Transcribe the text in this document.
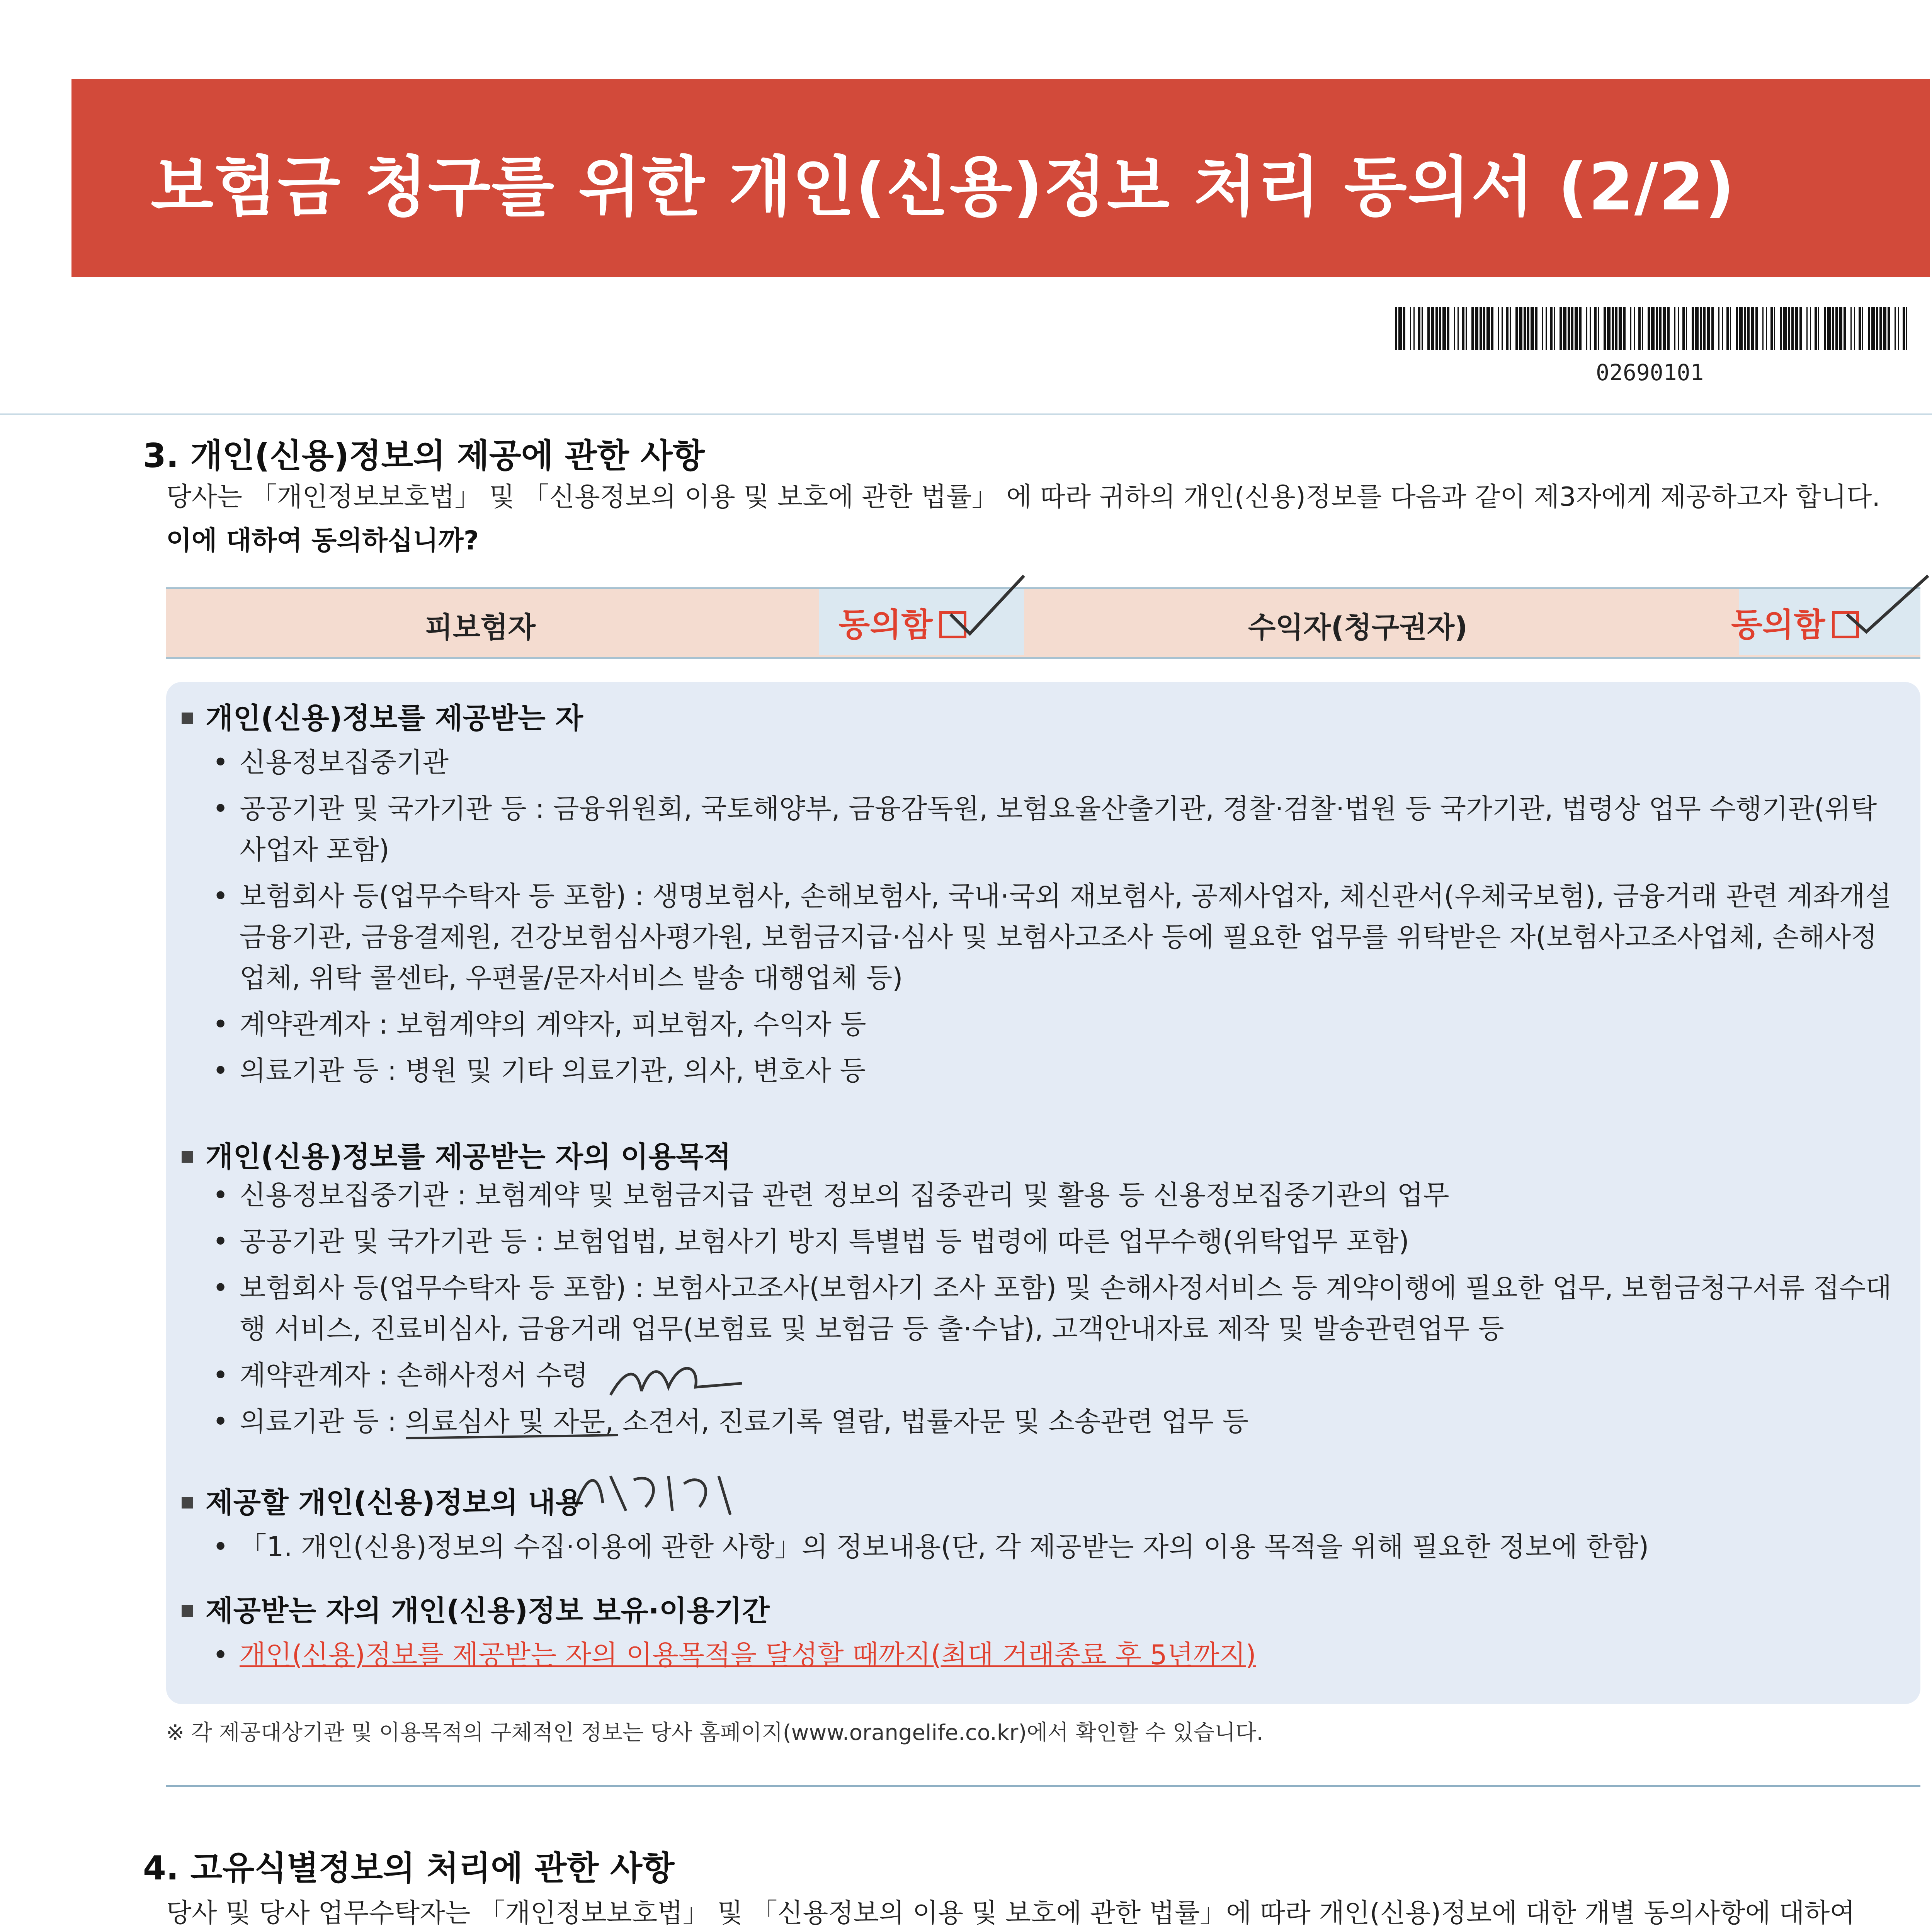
보험금 청구를 위한 개인(신용)정보 처리 동의서 (2/2)
02690101
3. 개인(신용)정보의 제공에 관한 사항
당사는 「개인정보보호법」 및 「신용정보의 이용 및 보호에 관한 법률」 에 따라 귀하의 개인(신용)정보를 다음과 같이 제3자에게 제공하고자 합니다.
이에 대하여 동의하십니까?
피보험자	동의함	수익자(청구권자)	동의함
개인(신용)정보를 제공받는 자
• 신용정보집중기관
• 공공기관 및 국가기관 등 : 금융위원회, 국토해양부, 금융감독원, 보험요율산출기관, 경찰·검찰·법원 등 국가기관, 법령상 업무 수행기관(위탁사업자 포함)
• 보험회사 등(업무수탁자 등 포함) : 생명보험사, 손해보험사, 국내·국외 재보험사, 공제사업자, 체신관서(우체국보험), 금융거래 관련 계좌개설 금융기관, 금융결제원, 건강보험심사평가원, 보험금지급·심사 및 보험사고조사 등에 필요한 업무를 위탁받은 자(보험사고조사업체, 손해사정업체, 위탁 콜센타, 우편물/문자서비스 발송 대행업체 등)
• 계약관계자 : 보험계약의 계약자, 피보험자, 수익자 등
• 의료기관 등 : 병원 및 기타 의료기관, 의사, 변호사 등
개인(신용)정보를 제공받는 자의 이용목적
• 신용정보집중기관 : 보험계약 및 보험금지급 관련 정보의 집중관리 및 활용 등 신용정보집중기관의 업무
• 공공기관 및 국가기관 등 : 보험업법, 보험사기 방지 특별법 등 법령에 따른 업무수행(위탁업무 포함)
• 보험회사 등(업무수탁자 등 포함) : 보험사고조사(보험사기 조사 포함) 및 손해사정서비스 등 계약이행에 필요한 업무, 보험금청구서류 접수대행 서비스, 진료비심사, 금융거래 업무(보험료 및 보험금 등 출·수납), 고객안내자료 제작 및 발송관련업무 등
• 계약관계자 : 손해사정서 수령
• 의료기관 등 : 의료심사 및 자문, 소견서, 진료기록 열람, 법률자문 및 소송관련 업무 등
제공할 개인(신용)정보의 내용
• 「1. 개인(신용)정보의 수집·이용에 관한 사항」의 정보내용(단, 각 제공받는 자의 이용 목적을 위해 필요한 정보에 한함)
제공받는 자의 개인(신용)정보 보유·이용기간
• 개인(신용)정보를 제공받는 자의 이용목적을 달성할 때까지(최대 거래종료 후 5년까지)
※ 각 제공대상기관 및 이용목적의 구체적인 정보는 당사 홈페이지(www.orangelife.co.kr)에서 확인할 수 있습니다.
4. 고유식별정보의 처리에 관한 사항
당사 및 당사 업무수탁자는 「개인정보보호법」 및 「신용정보의 이용 및 보호에 관한 법률」에 따라 개인(신용)정보에 대한 개별 동의사항에 대하여
